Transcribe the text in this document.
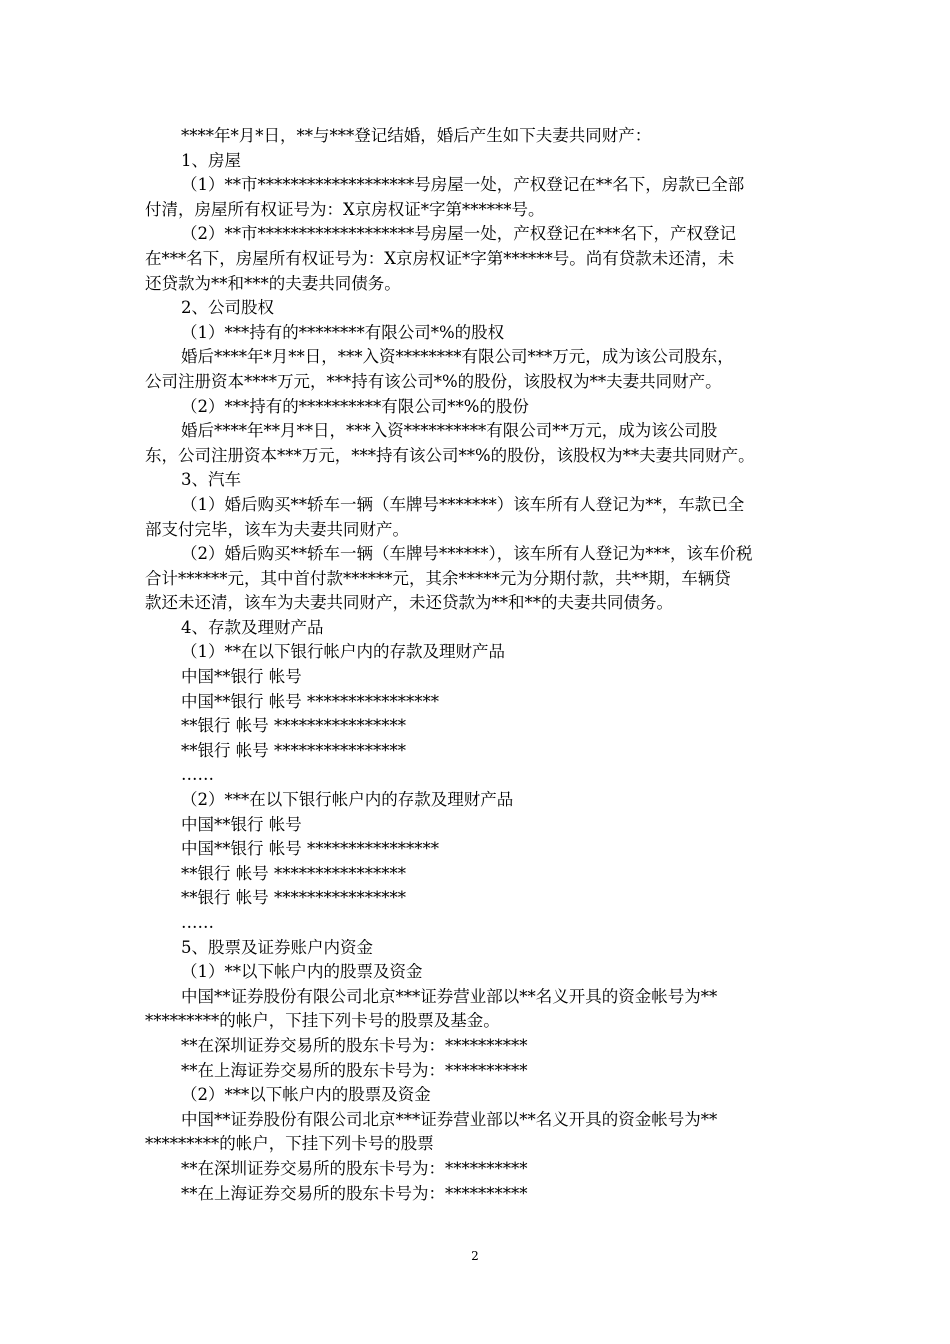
****年*月*日，**与***登记结婚，婚后产生如下夫妻共同财产：
1、房屋
（1）**市*******************号房屋一处，产权登记在**名下，房款已全部
付清，房屋所有权证号为：X京房权证*字第******号。
（2）**市*******************号房屋一处，产权登记在***名下，产权登记
在***名下，房屋所有权证号为：X京房权证*字第******号。尚有贷款未还清，未
还贷款为**和***的夫妻共同债务。
2、公司股权
（1）***持有的********有限公司*%的股权
婚后****年*月**日，***入资********有限公司***万元，成为该公司股东，
公司注册资本****万元，***持有该公司*%的股份，该股权为**夫妻共同财产。
（2）***持有的**********有限公司**%的股份
婚后****年**月**日，***入资**********有限公司**万元，成为该公司股
东，公司注册资本***万元，***持有该公司**%的股份，该股权为**夫妻共同财产。
3、汽车
（1）婚后购买**轿车一辆（车牌号*******）该车所有人登记为**，车款已全
部支付完毕，该车为夫妻共同财产。
（2）婚后购买**轿车一辆（车牌号******），该车所有人登记为***，该车价税
合计******元，其中首付款******元，其余*****元为分期付款，共**期，车辆贷
款还未还清，该车为夫妻共同财产，未还贷款为**和**的夫妻共同债务。
4、存款及理财产品
（1）**在以下银行帐户内的存款及理财产品
中国**银行 帐号
中国**银行 帐号 ****************
**银行 帐号 ****************
**银行 帐号 ****************
……
（2）***在以下银行帐户内的存款及理财产品
中国**银行 帐号
中国**银行 帐号 ****************
**银行 帐号 ****************
**银行 帐号 ****************
……
5、股票及证券账户内资金
（1）**以下帐户内的股票及资金
中国**证券股份有限公司北京***证券营业部以**名义开具的资金帐号为**
*********的帐户，下挂下列卡号的股票及基金。
**在深圳证券交易所的股东卡号为：**********
**在上海证券交易所的股东卡号为：**********
（2）***以下帐户内的股票及资金
中国**证券股份有限公司北京***证券营业部以**名义开具的资金帐号为**
*********的帐户，下挂下列卡号的股票
**在深圳证券交易所的股东卡号为：**********
**在上海证券交易所的股东卡号为：**********
2
